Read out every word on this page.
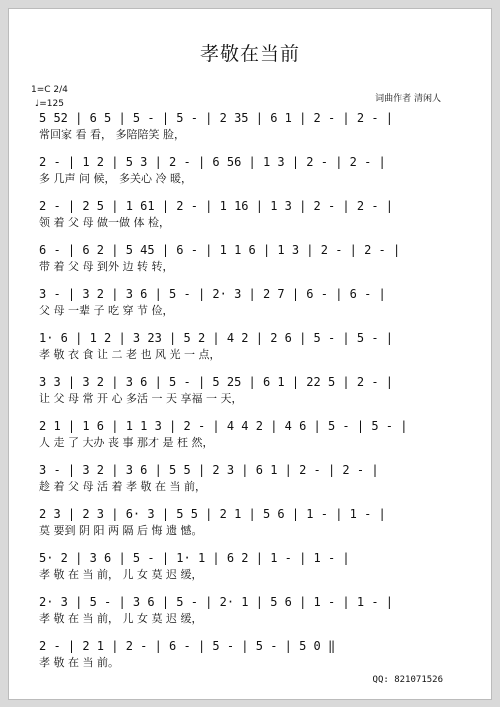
孝敬在当前
1=C 2/4
♩=125	词曲作者 清闲人
5 52 | 6 5 | 5 - | 5 - | 2 35 | 6 1 | 2 - | 2 - |
常回家 看 看， 多陪陪笑 脸，
2 - | 1 2 | 5 3 | 2 - | 6 56 | 1 3 | 2 - | 2 - |
多 几声 问 候， 多关心 冷 暖，
2 - | 2 5 | 1 61 | 2 - | 1 16 | 1 3 | 2 - | 2 - |
领 着 父 母 做一做 体 检，
6 - | 6 2 | 5 45 | 6 - | 1 1 6 | 1 3 | 2 - | 2 - |
带 着 父 母 到外 边 转 转，
3 - | 3 2 | 3 6 | 5 - | 2· 3 | 2 7 | 6 - | 6 - |
父 母 一辈 子 吃 穿 节 俭，
1· 6 | 1 2 | 3 23 | 5 2 | 4 2 | 2 6 | 5 - | 5 - |
孝 敬 衣 食 让 二 老 也 风 光 一 点，
3 3 | 3 2 | 3 6 | 5 - | 5 25 | 6 1 | 22 5 | 2 - |
让 父 母 常 开 心 多活 一 天 享福 一 天，
2 1 | 1 6 | 1 1 3 | 2 - | 4 4 2 | 4 6 | 5 - | 5 - |
人 走 了 大办 丧 事 那才 是 枉 然，
3 - | 3 2 | 3 6 | 5 5 | 2 3 | 6 1 | 2 - | 2 - |
趁 着 父 母 活 着 孝 敬 在 当 前，
2 3 | 2 3 | 6· 3 | 5 5 | 2 1 | 5 6 | 1 - | 1 - |
莫 要到 阴 阳 两 隔 后 悔 遗 憾。
5· 2 | 3 6 | 5 - | 1· 1 | 6 2 | 1 - | 1 - |
孝 敬 在 当 前， 儿 女 莫 迟 缓，
2· 3 | 5 - | 3 6 | 5 - | 2· 1 | 5 6 | 1 - | 1 - |
孝 敬 在 当 前， 儿 女 莫 迟 缓，
2 - | 2 1 | 2 - | 6 - | 5 - | 5 - | 5 0 ‖
孝 敬 在 当 前。
QQ: 821071526
